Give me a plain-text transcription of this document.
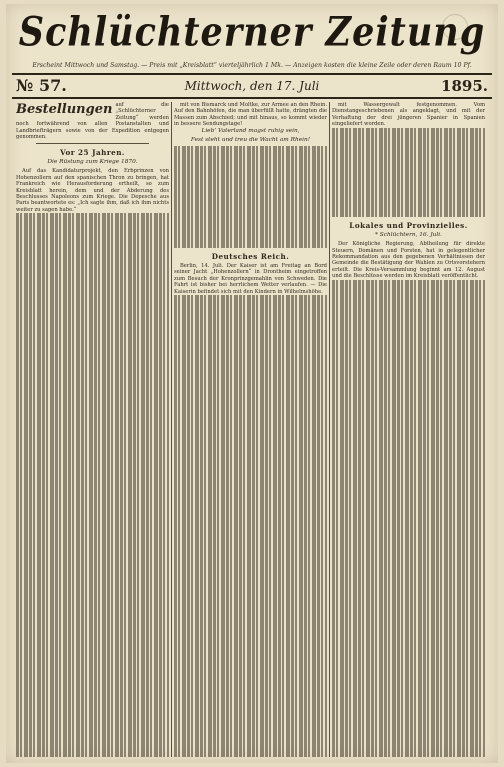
Schlüchterner Zeitung
Erscheint Mittwoch und Samstag. — Preis mit „Kreisblatt“ vierteljährlich 1 Mk. — Anzeigen kosten die kleine Zeile oder deren Raum 10 Pf.
№ 57.	Mittwoch, den 17. Juli	1895.
Bestellungen auf die „Schlüchterner Zeitung“ werden noch fortwährend von allen Postanstalten und Landbriefträgern sowie von der Expedition entgegen genommen.
Vor 25 Jahren.
Die Rüstung zum Kriege 1870.

Auf das Kandidaturprojekt, den Erbprinzen von Hohenzollern auf den spanischen Thron zu bringen, hat Frankreich wie Herausforderung ertheilt, so zum Kreisblatt herein, dem und der Abderung des Beschlusses Napoleons zum Kriege. Die Depesche aus Paris beantwortete es: „Ich sagte ihm, daß ich ihm nichts weiter zu sagen habe.“

mit von Bismarck und Moltke, zur Armee an den Rhein. Auf den Bahnhöfen, die man überfüllt hatte, drängten die Massen zum Abschied; und mit hinaus, so kommt wieder in bessere Sendungstage!

Lieb’ Vaterland magst ruhig sein,
Fest steht und treu die Wacht am Rhein!
Deutsches Reich.

Berlin, 14. Juli. Der Kaiser ist am Freitag an Bord seiner Jacht „Hohenzollern“ in Drontheim eingetroffen zum Besuch der Kronprinzgemahlin von Schweden. Die Fahrt ist bisher bei herrlichem Wetter verlaufen. — Die Kaiserin befindet sich mit den Kindern in Wilhelmshöhe.

mit Wassergewalt festgenommen. Vom Dienstangeschriebenen als angeklagt, und mit der Verhaftung der drei jüngeren Spanier in Spanien eingeliefert worden.

Lokales und Provinzielles.
* Schlüchtern, 16. Juli.

Der Königliche Regierung, Abtheilung für direkte Steuern, Domänen und Forsten, hat in gelegentlicher Rekommandation aus den gegebenen Verhältnissen der Gemeinde die Bestätigung der Wahlen zu Ortsvorstehern erteilt. Die Kreis-Versammlung beginnt am 12. August und die Beschlüsse werden im Kreisblatt veröffentlicht.
